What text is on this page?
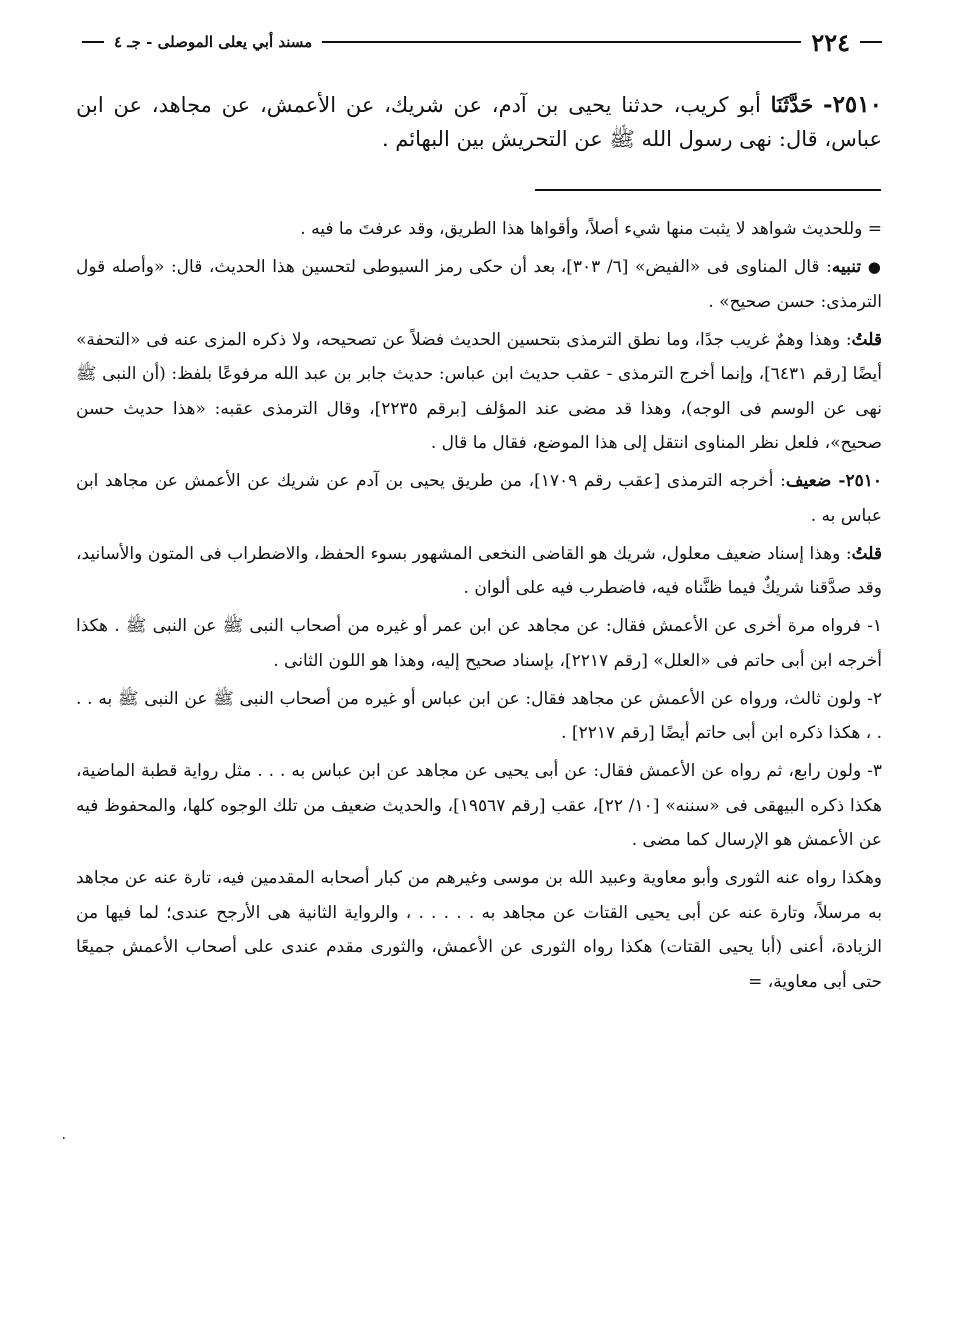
٢٢٤
مسند أبي يعلى الموصلى - جـ ٤
٢٥١٠- حَدَّثَنَا أبو كريب، حدثنا يحيى بن آدم، عن شريك، عن الأعمش، عن مجاهد، عن ابن عباس، قال: نهى رسول الله ﷺ عن التحريش بين البهائم .

= وللحديث شواهد لا يثبت منها شيء أصلاً، وأقواها هذا الطريق، وقد عرفتَ ما فيه .

● تنبيه: قال المناوى فى «الفيض» [٦/ ٣٠٣]، بعد أن حكى رمز السيوطى لتحسين هذا الحديث، قال: «وأصله قول الترمذى: حسن صحيح» .

قلتُ: وهذا وهمٌ غريب جدًا، وما نطق الترمذى بتحسين الحديث فضلاً عن تصحيحه، ولا ذكره المزى عنه فى «التحفة» أيضًا [رقم ٦٤٣١]، وإنما أخرج الترمذى - عقب حديث ابن عباس: حديث جابر بن عبد الله مرفوعًا بلفظ: (أن النبى ﷺ نهى عن الوسم فى الوجه)، وهذا قد مضى عند المؤلف [برقم ٢٢٣٥]، وقال الترمذى عقبه: «هذا حديث حسن صحيح»، فلعل نظر المناوى انتقل إلى هذا الموضع، فقال ما قال .

٢٥١٠- ضعيف: أخرجه الترمذى [عقب رقم ١٧٠٩]، من طريق يحيى بن آدم عن شريك عن الأعمش عن مجاهد ابن عباس به .

قلتُ: وهذا إسناد ضعيف معلول، شريك هو القاضى النخعى المشهور بسوء الحفظ، والاضطراب فى المتون والأسانيد، وقد صدَّقنا شريكٌ فيما ظنَّناه فيه، فاضطرب فيه على ألوان .

١- فرواه مرة أخرى عن الأعمش فقال: عن مجاهد عن ابن عمر أو غيره من أصحاب النبى ﷺ عن النبى ﷺ . هكذا أخرجه ابن أبى حاتم فى «العلل» [رقم ٢٢١٧]، بإسناد صحيح إليه، وهذا هو اللون الثانى .

٢- ولون ثالث، ورواه عن الأعمش عن مجاهد فقال: عن ابن عباس أو غيره من أصحاب النبى ﷺ عن النبى ﷺ به . . . ، هكذا ذكره ابن أبى حاتم أيضًا [رقم ٢٢١٧] .

٣- ولون رابع، ثم رواه عن الأعمش فقال: عن أبى يحيى عن مجاهد عن ابن عباس به . . . مثل رواية قطبة الماضية، هكذا ذكره البيهقى فى «سننه» [١٠/ ٢٢]، عقب [رقم ١٩٥٦٧]، والحديث ضعيف من تلك الوجوه كلها، والمحفوظ فيه عن الأعمش هو الإرسال كما مضى .

وهكذا رواه عنه الثورى وأبو معاوية وعبيد الله بن موسى وغيرهم من كبار أصحابه المقدمين فيه، تارة عنه عن مجاهد به مرسلاً، وتارة عنه عن أبى يحيى القتات عن مجاهد به . . . . . ، والرواية الثانية هى الأرجح عندى؛ لما فيها من الزيادة، أعنى (أبا يحيى القتات) هكذا رواه الثورى عن الأعمش، والثورى مقدم عندى على أصحاب الأعمش جميعًا حتى أبى معاوية، =

٠
